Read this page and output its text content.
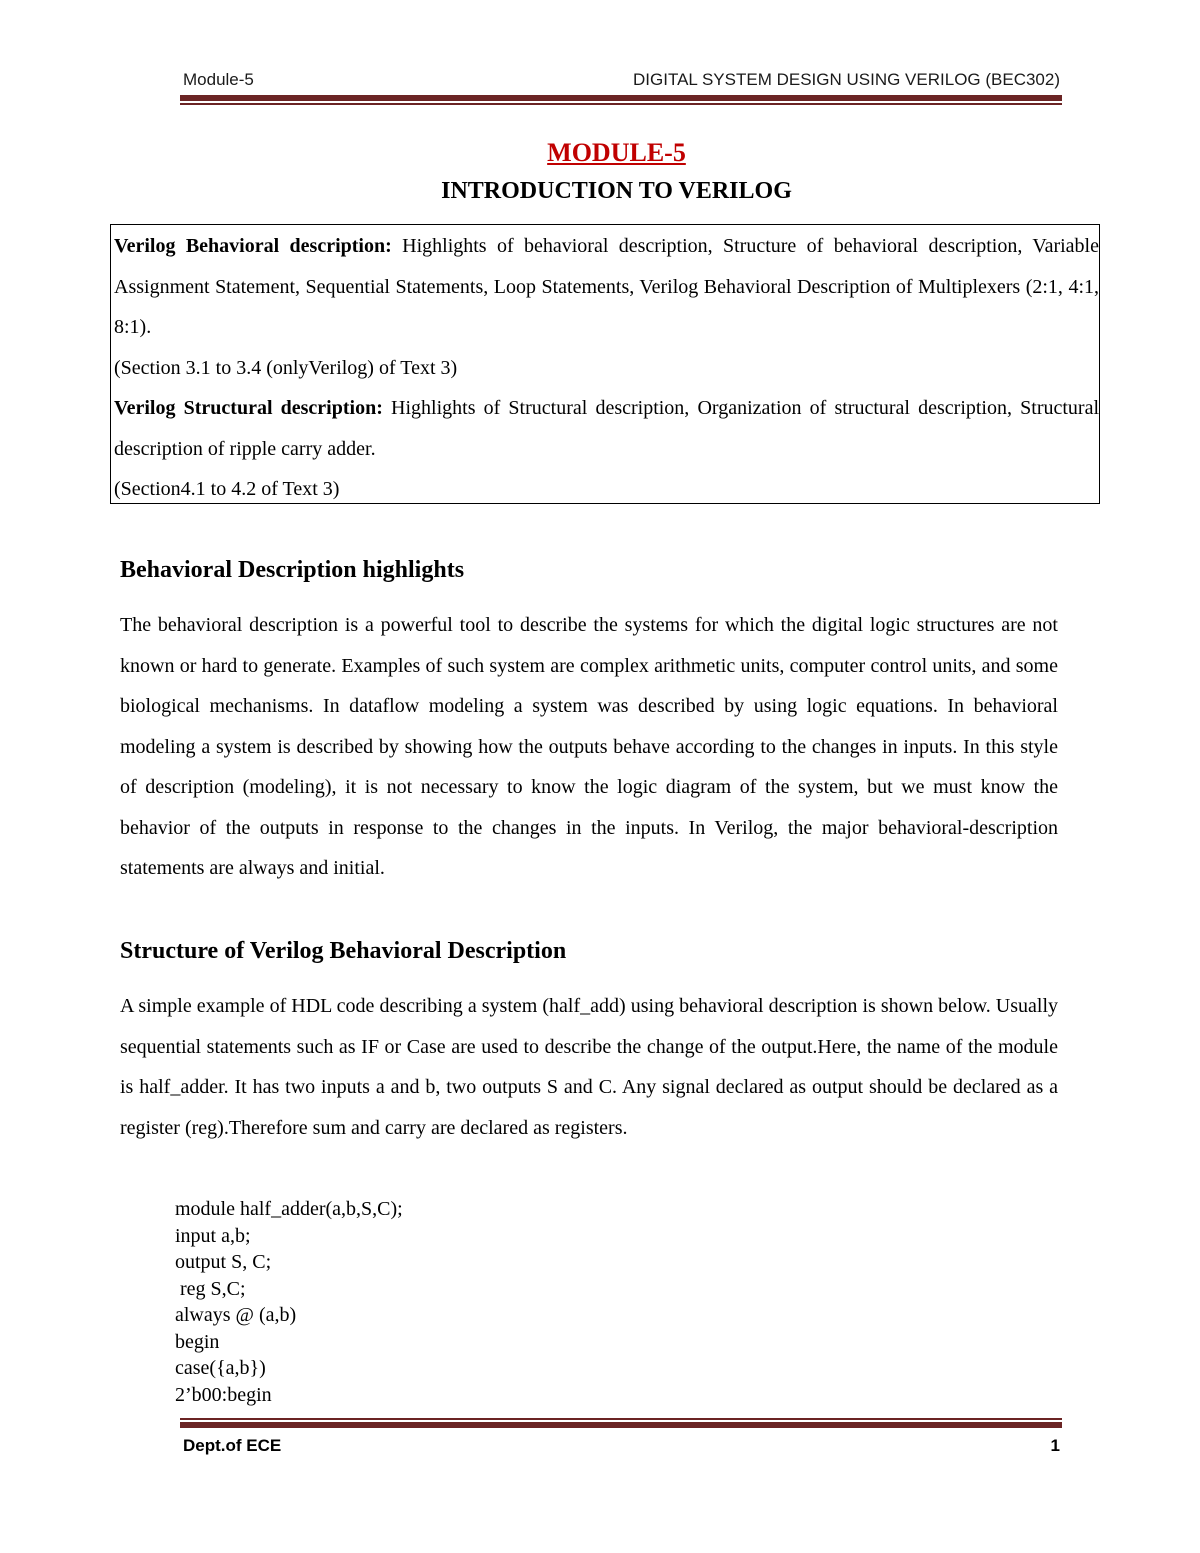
Module-5	DIGITAL SYSTEM DESIGN USING VERILOG (BEC302)
MODULE-5
INTRODUCTION TO VERILOG

Verilog Behavioral description: Highlights of behavioral description, Structure of behavioral description, Variable Assignment Statement, Sequential Statements, Loop Statements, Verilog Behavioral Description of Multiplexers (2:1, 4:1, 8:1).

(Section 3.1 to 3.4 (onlyVerilog) of Text 3)

Verilog Structural description: Highlights of Structural description, Organization of structural description, Structural description of ripple carry adder.

(Section4.1 to 4.2 of Text 3)

Behavioral Description highlights

The behavioral description is a powerful tool to describe the systems for which the digital logic structures are not known or hard to generate. Examples of such system are complex arithmetic units, computer control units, and some biological mechanisms. In dataflow modeling a system was described by using logic equations. In behavioral modeling a system is described by showing how the outputs behave according to the changes in inputs. In this style of description (modeling), it is not necessary to know the logic diagram of the system, but we must know the behavior of the outputs in response to the changes in the inputs. In Verilog, the major behavioral-description statements are always and initial.

Structure of Verilog Behavioral Description

A simple example of HDL code describing a system (half_add) using behavioral description is shown below. Usually sequential statements such as IF or Case are used to describe the change of the output.Here, the name of the module is half_adder. It has two inputs a and b, two outputs S and C. Any signal declared as output should be declared as a register (reg).Therefore sum and carry are declared as registers.

module half_adder(a,b,S,C);
input a,b;
output S, C;
reg S,C;
always @ (a,b)
begin
case({a,b})
2’b00:begin
Dept.of ECE	1
